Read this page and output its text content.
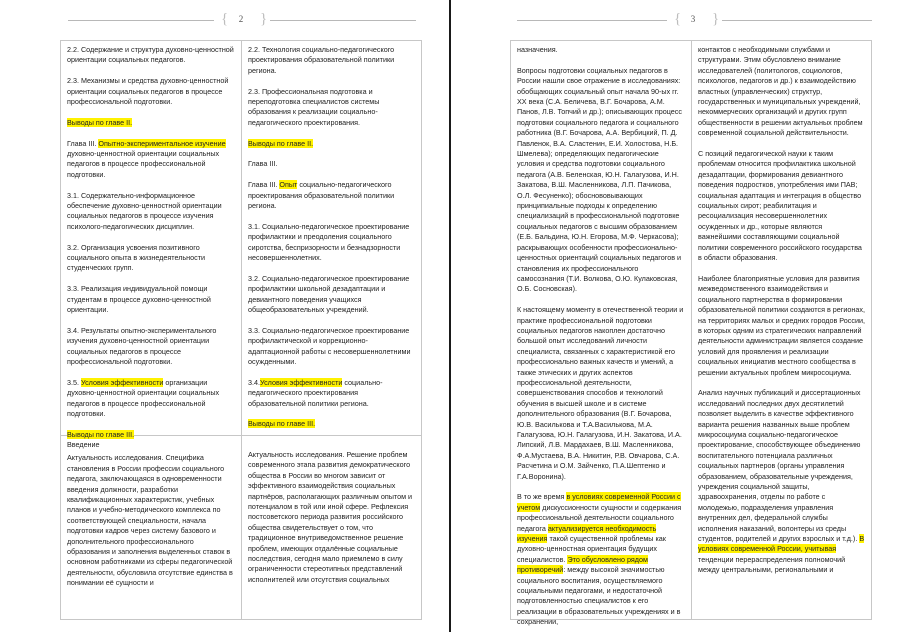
{	2	}

2.2. Содержание и структура духовно-ценностной ориентации социальных педагогов.

2.3. Механизмы и средства духовно-ценностной ориентации социальных педагогов в процессе профессиональной подготовки.

Выводы по главе II.

Глава III. Опытно-экспериментальное изучение духовно-ценностной ориентации социальных педагогов в процессе профессиональной подготовки.

3.1. Содержательно-информационное обеспечение духовно-ценностной ориентации социальных педагогов в процессе изучения психолого-педагогических дисциплин.

3.2. Организация усвоения позитивного социального опыта в жизнедеятельности студенческих групп.

3.3. Реализация индивидуальной помощи студентам в процессе духовно-ценностной ориентации.

3.4. Результаты опытно-экспериментального изучения духовно-ценностной ориентации социальных педагогов в процессе профессиональной подготовки.

3.5. Условия эффективности организации духовно-ценностной ориентации социальных педагогов в процессе профессиональной подготовки.

Выводы по главе III.

2.2. Технология социально-педагогического проектирования образовательной политики региона.

2.3. Профессиональная подготовка и переподготовка специалистов системы образования к реализации социально-педагогического проектирования.

Выводы по главе II.

Глава III.

Глава III. Опыт социально-педагогического проектирования образовательной политики региона.

3.1. Социально-педагогическое проектирование профилактики и преодоления социального сиротства, беспризорности и безнадзорности несовершеннолетних.

3.2. Социально-педагогическое проектирование профилактики школьной дезадаптации и девиантного поведения учащихся общеобразовательных учреждений.

3.3. Социально-педагогическое проектирование профилактической и коррекционно-адаптационной работы с несовершеннолетними осужденными.

3.4.Условия эффективности социально-педагогического проектирования образовательной политики региона.

Выводы по главе III.

Введение

Актуальность исследования. Специфика становления в России профессии социального педагога, заключающаяся в одновременности введения должности, разработки квалификационных характеристик, учебных планов и учебно-методического комплекса по соответствующей специальности, начала подготовки кадров через систему базового и дополнительного профессионального образования и заполнения выделенных ставок в основном работниками из сферы педагогической деятельности, обусловила отсутствие единства в понимании её сущности и

Актуальность исследования. Решение проблем современного этапа развития демократического общества в России во многом зависит от эффективного взаимодействия социальных партнёров, располагающих различным опытом и потенциалом в той или иной сфере. Рефлексия постсоветского периода развития российского общества свидетельствует о том, что традиционное внутриведомственное решение проблем, имеющих отдалённые социальные последствия, сегодня мало приемлемо в силу ограниченности стереотипных представлений исполнителей или отсутствия социальных

{	3	}

назначения.

Вопросы подготовки социальных педагогов в России нашли свое отражение в исследованиях: обобщающих социальный опыт начала 90-ых гг. XX века (С.А. Беличева, В.Г. Бочарова, А.М. Панов, Л.В. Топчий и др.); описывающих процесс подготовки социального педагога и социального работника (В.Г. Бочарова, А.А. Вербицкий, П. Д. Павленок, В.А. Сластенин, Е.И. Холостова, Н.Б. Шмелева); определяющих педагогические условия и средства подготовки социального педагога (А.В. Беленская, Ю.Н. Галагузова, И.Н. Закатова, В.Ш. Масленникова, Л.П. Пачикова, О.Л. Фесуненко); обоснововывающих принципиальные подходы к определению специализаций в профессиональной подготовке социальных педагогов с высшим образованием (Е.Б. Бальдина, Ю.Н. Егорова, М.Ф. Черкасова); раскрывающих особенности профессионально-ценностных ориентаций социальных педагогов и становления их профессионального самосознания (Т.И. Волкова, О.Ю. Кулаковская, О.Б. Сосновская).

К настоящему моменту в отечественной теории и практике профессиональной подготовки социальных педагогов накоплен достаточно большой опыт исследований личности специалиста, связанных с характеристикой его профессионально важных качеств и умений, а также этических и других аспектов профессиональной деятельности, совершенствования способов и технологий обучения в высшей школе и в системе дополнительного образования (В.Г. Бочарова, Ю.В. Василькова и Т.А.Василькова, М.А. Галагузова, Ю.Н. Галагузова, И.Н. Закатова, И.А. Липский, Л.В. Мардахаев, В.Ш. Масленникова, Ф.А.Мустаева, В.А. Никитин, Р.В. Овчарова, С.А. Расчетина и О.М. Зайченко, П.А.Шептенко и Г.А.Воронина).

В то же время в условиях современной России с учетом дискуссионности сущности и содержания профессиональной деятельности социального педагога актуализируется необходимость изучения такой существенной проблемы как духовно-ценностная ориентация будущих специалистов. Это обусловлено рядом противоречий: между высокой значимостью социального воспитания, осуществляемого социальными педагогами, и недостаточной подготовленностью специалистов к его реализации в образовательных учреждениях и в сохранении,

контактов с необходимыми службами и структурами. Этим обусловлено внимание исследователей (политологов, социологов, психологов, педагогов и др.) к взаимодействию властных (управленческих) структур, государственных и муниципальных учреждений, некоммерческих организаций и других групп общественности в решении актуальных проблем современной социальной действительности.

С позиций педагогической науки к таким проблемам относится профилактика школьной дезадаптации, формирования девиантного поведения подростков, употребления ими ПАВ; социальная адаптация и интеграция в общество социальных сирот; реабилитация и ресоциализация несовершеннолетних осужденных и др., которые являются важнейшими составляющими социальной политики современного российского государства в области образования.

Наиболее благоприятные условия для развития межведомственного взаимодействия и социального партнерства в формировании образовательной политики создаются в регионах, на территориях малых и средних городов России, в которых одним из стратегических направлений деятельности администрации является создание условий для проявления и реализации социальных инициатив местного сообщества в решении актуальных проблем микросоциума.

Анализ научных публикаций и диссертационных исследований последних двух десятилетий позволяет выделить в качестве эффективного варианта решения названных выше проблем микросоциума социально-педагогическое проектирование, способствующее объединению воспитательного потенциала различных социальных партнеров (органы управления образованием, образовательные учреждения, учреждения социальной защиты, здравоохранения, отделы по работе с молодежью, подразделения управления внутренних дел, федеральной службы исполнения наказаний, волонтеры из среды студентов, родителей и других взрослых и т.д.). В условиях современной России, учитывая тенденции перераспределения полномочий между центральными, региональными и
